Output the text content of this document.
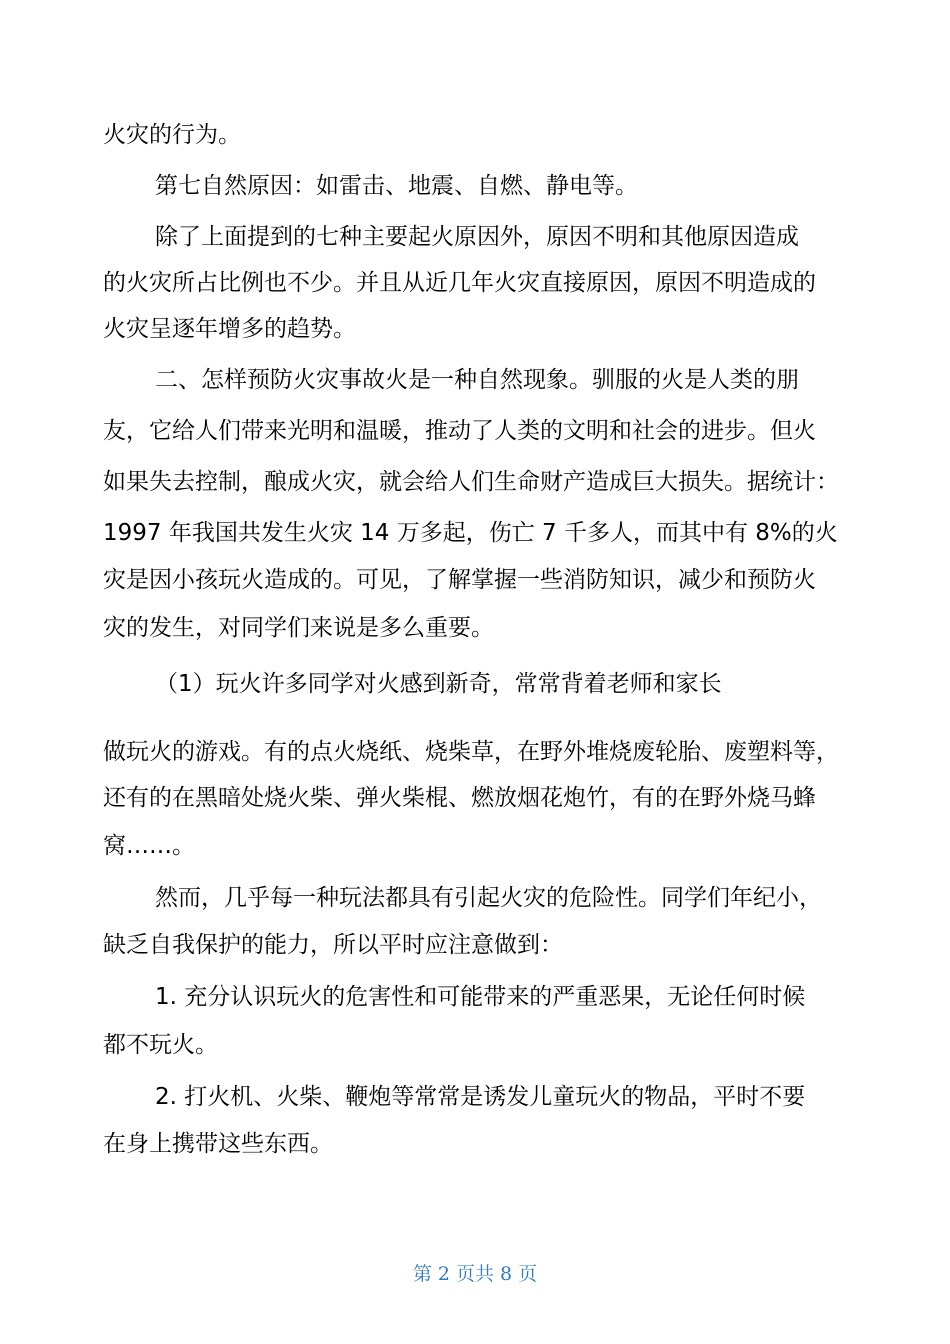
火灾的行为。
第七自然原因：如雷击、地震、自燃、静电等。
除了上面提到的七种主要起火原因外，原因不明和其他原因造成
的火灾所占比例也不少。并且从近几年火灾直接原因，原因不明造成的
火灾呈逐年增多的趋势。
二、怎样预防火灾事故火是一种自然现象。驯服的火是人类的朋
友，它给人们带来光明和温暖，推动了人类的文明和社会的进步。但火
如果失去控制，酿成火灾，就会给人们生命财产造成巨大损失。据统计：
1997 年我国共发生火灾 14 万多起，伤亡 7 千多人，而其中有 8%的火
灾是因小孩玩火造成的。可见，了解掌握一些消防知识，减少和预防火
灾的发生，对同学们来说是多么重要。
（1）玩火许多同学对火感到新奇，常常背着老师和家长
做玩火的游戏。有的点火烧纸、烧柴草，在野外堆烧废轮胎、废塑料等，
还有的在黑暗处烧火柴、弹火柴棍、燃放烟花炮竹，有的在野外烧马蜂
窝……。
然而，几乎每一种玩法都具有引起火灾的危险性。同学们年纪小，
缺乏自我保护的能力，所以平时应注意做到：
1. 充分认识玩火的危害性和可能带来的严重恶果，无论任何时候
都不玩火。
2. 打火机、火柴、鞭炮等常常是诱发儿童玩火的物品，平时不要
在身上携带这些东西。
第 2 页共 8 页
